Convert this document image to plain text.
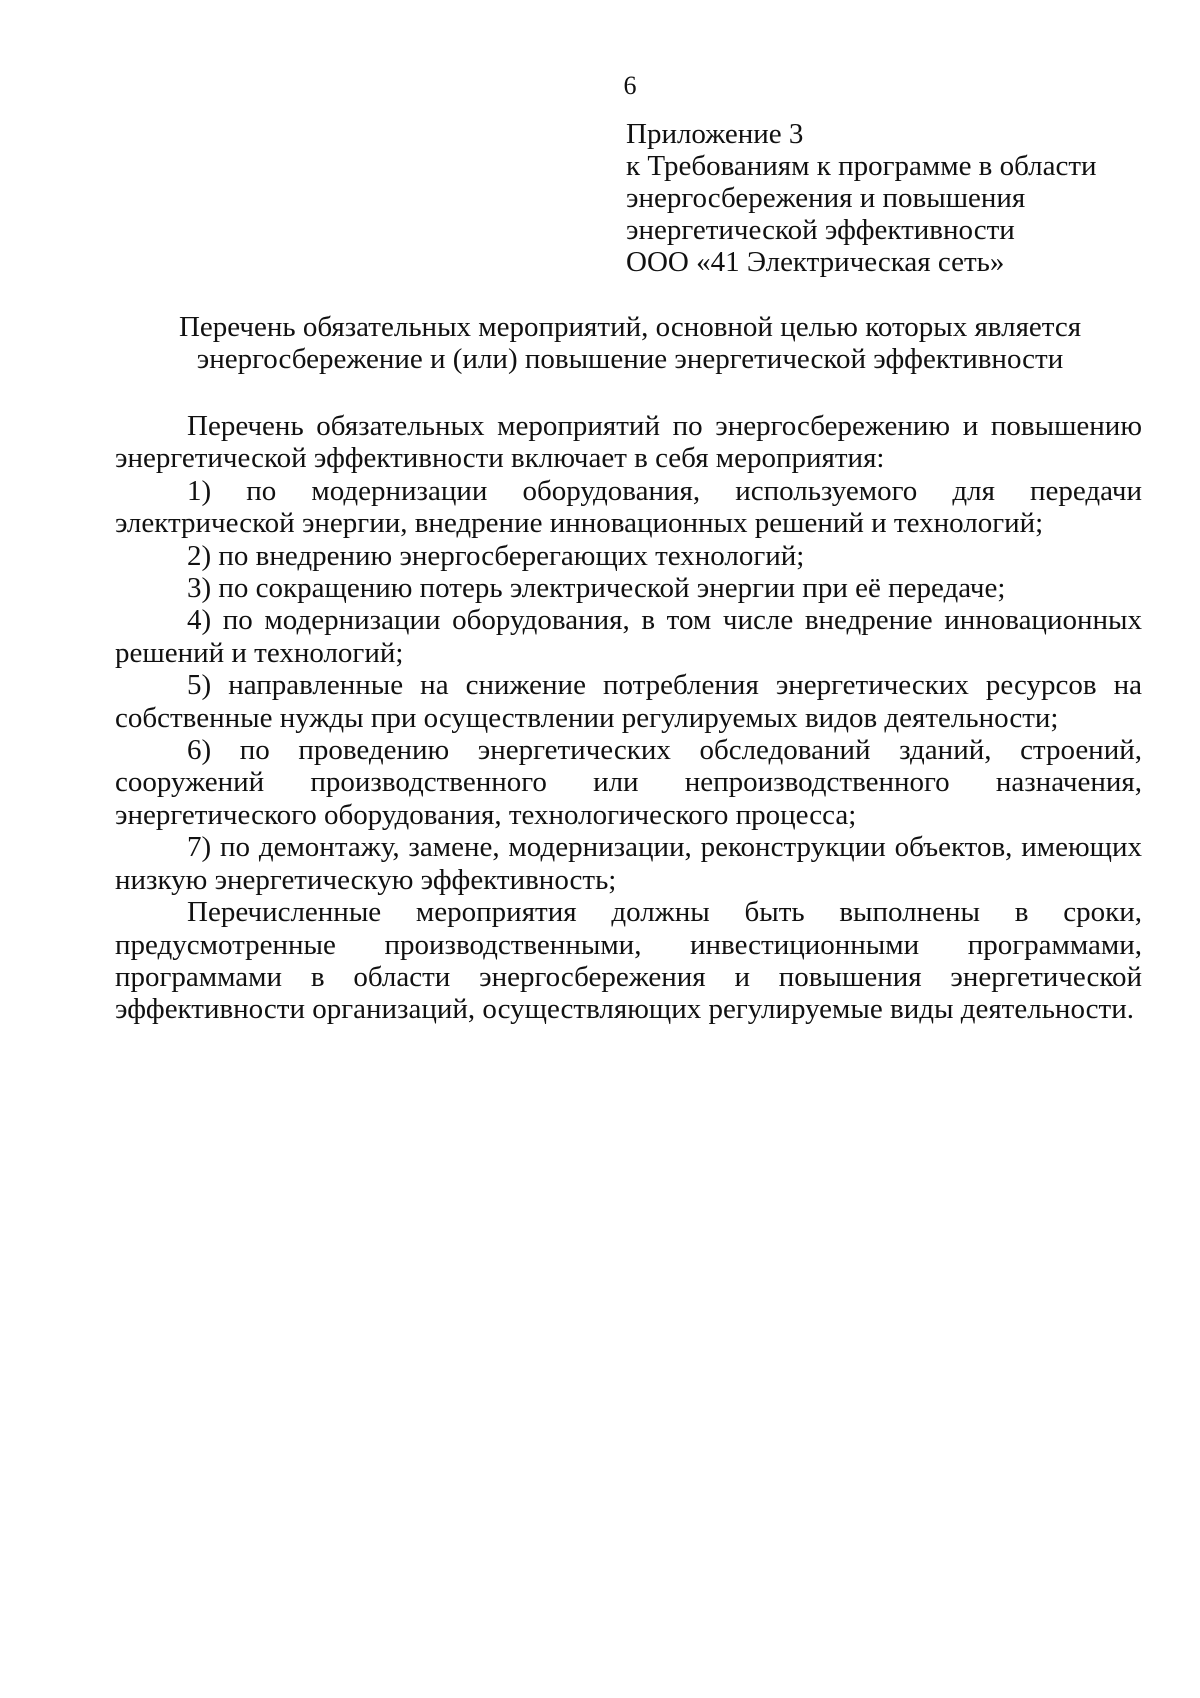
6
Приложение 3
к Требованиям к программе в области
энергосбережения и повышения
энергетической эффективности
ООО «41 Электрическая сеть»
Перечень обязательных мероприятий, основной целью которых является
энергосбережение и (или) повышение энергетической эффективности

Перечень обязательных мероприятий по энергосбережению и повышению энергетической эффективности включает в себя мероприятия:

1) по модернизации оборудования, используемого для передачи электрической энергии, внедрение инновационных решений и технологий;

2) по внедрению энергосберегающих технологий;

3) по сокращению потерь электрической энергии при её передаче;

4) по модернизации оборудования, в том числе внедрение инновационных решений и технологий;

5) направленные на снижение потребления энергетических ресурсов на собственные нужды при осуществлении регулируемых видов деятельности;

6) по проведению энергетических обследований зданий, строений, сооружений производственного или непроизводственного назначения, энергетического оборудования, технологического процесса;

7) по демонтажу, замене, модернизации, реконструкции объектов, имеющих низкую энергетическую эффективность;

Перечисленные мероприятия должны быть выполнены в сроки, предусмотренные производственными, инвестиционными программами, программами в области энергосбережения и повышения энергетической эффективности организаций, осуществляющих регулируемые виды деятельности.
